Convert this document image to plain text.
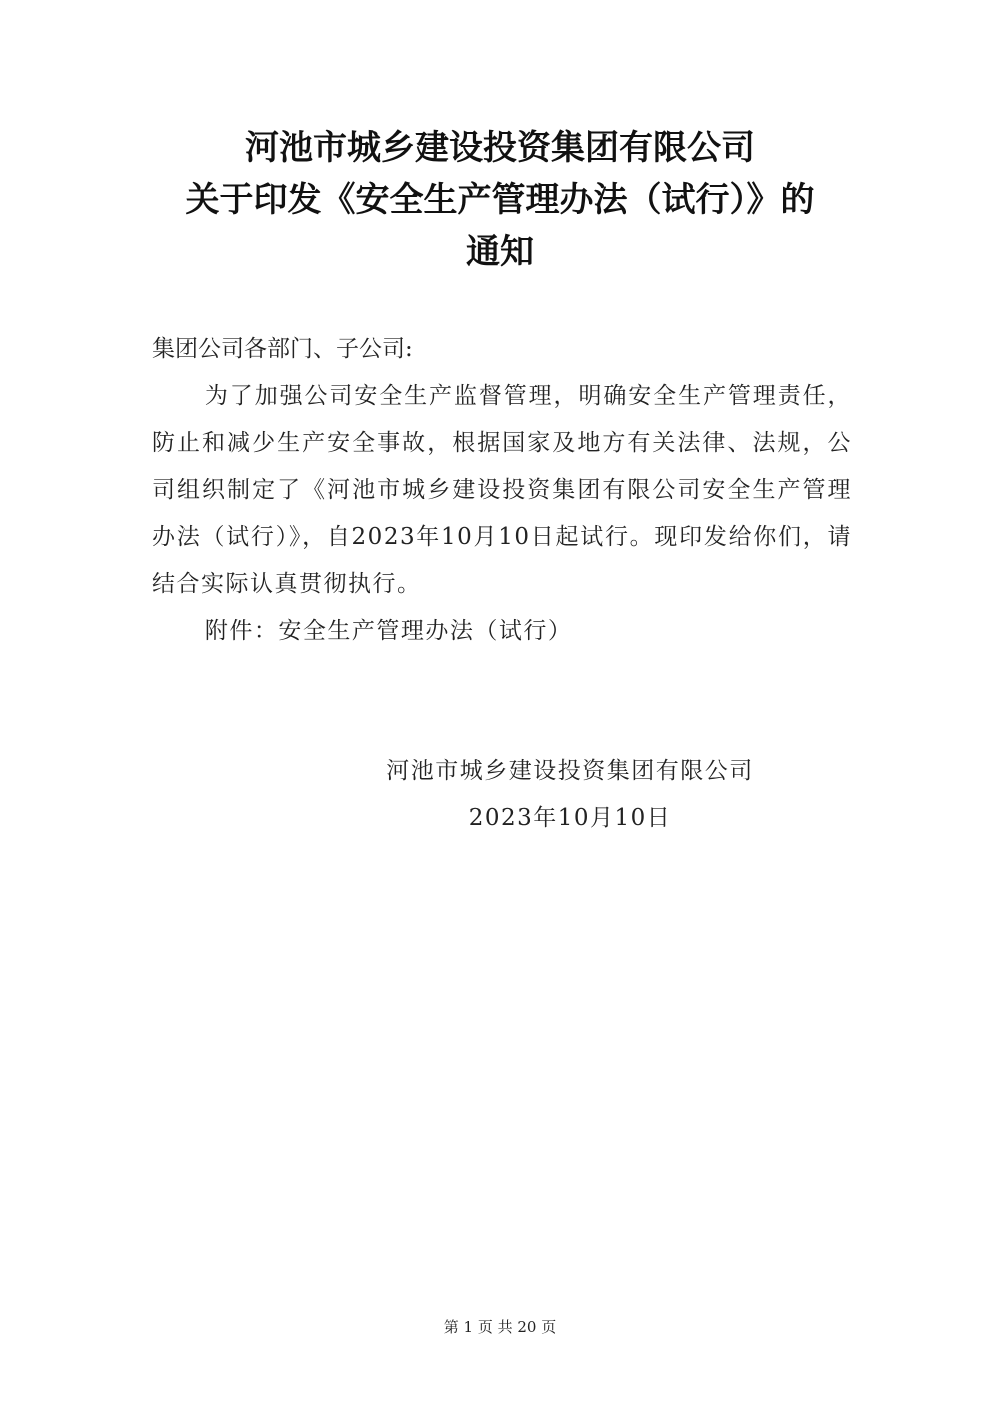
河池市城乡建设投资集团有限公司
关于印发《安全生产管理办法（试行）》的
通知
集团公司各部门、子公司:
为了加强公司安全生产监督管理，明确安全生产管理责任，防止和减少生产安全事故，根据国家及地方有关法律、法规，公司组织制定了《河池市城乡建设投资集团有限公司安全生产管理办法（试行）》，自2023年10月10日起试行。现印发给你们，请结合实际认真贯彻执行。
附件：安全生产管理办法（试行）
河池市城乡建设投资集团有限公司
2023年10月10日
第 1 页 共 20 页
